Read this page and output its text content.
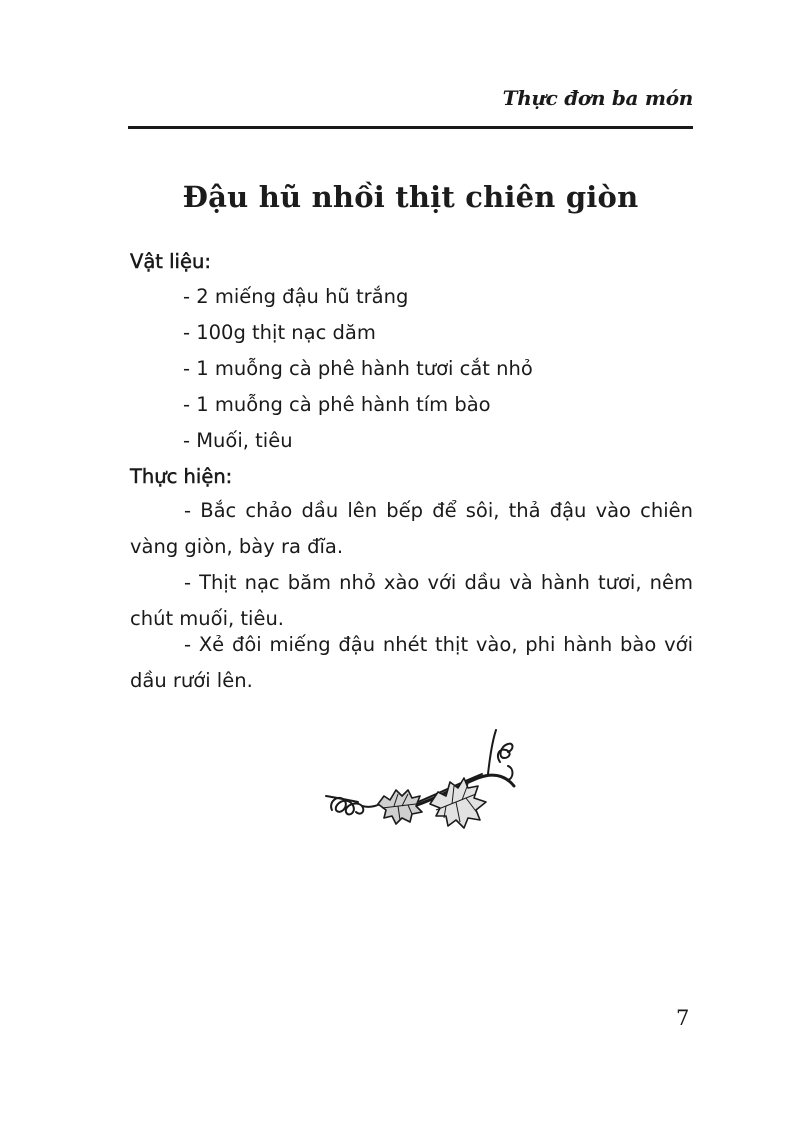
Thực đơn ba món
Đậu hũ nhồi thịt chiên giòn
Vật liệu:
- 2 miếng đậu hũ trắng
- 100g thịt nạc dăm
- 1 muỗng cà phê hành tươi cắt nhỏ
- 1 muỗng cà phê hành tím bào
- Muối, tiêu
Thực hiện:
- Bắc chảo dầu lên bếp để sôi, thả đậu vào chiên vàng giòn, bày ra đĩa.
- Thịt nạc băm nhỏ xào với dầu và hành tươi, nêm chút muối, tiêu.
- Xẻ đôi miếng đậu nhét thịt vào, phi hành bào với dầu rưới lên.
7
